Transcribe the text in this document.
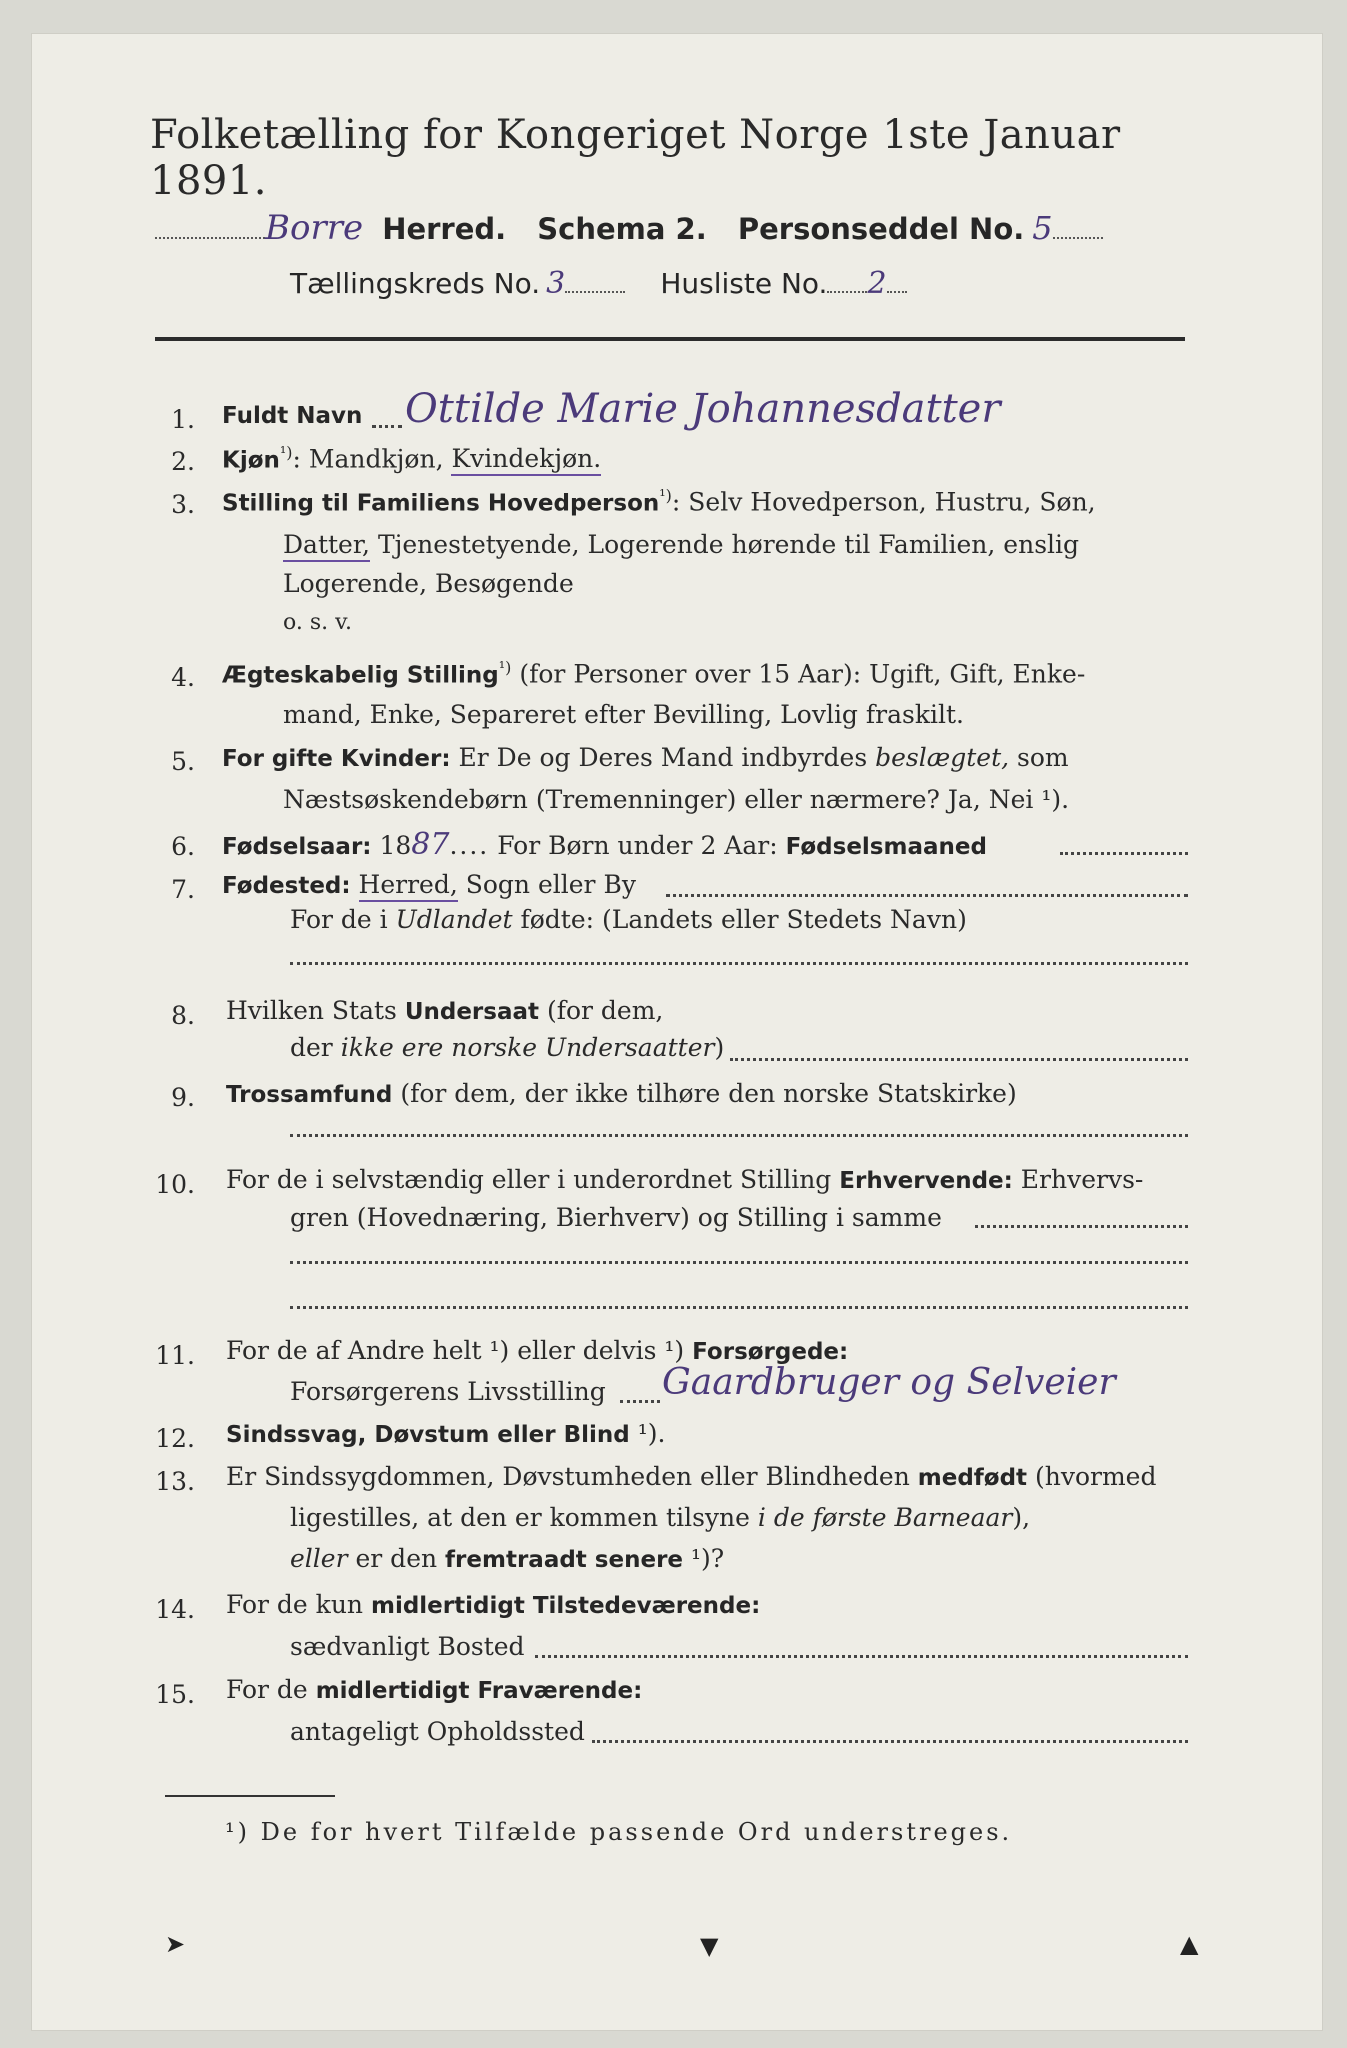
Folketælling for Kongeriget Norge 1ste Januar 1891.
Borre Herred. Schema 2. Personseddel No. 5
Tællingskreds No. 3	Husliste No. 2
1. Fuldt Navn Ottilde Marie Johannesdatter
2. Kjøn$^{^1)}$: Mandkjøn, Kvindekjøn.
3. Stilling til Familiens Hovedperson$^{^1)}$: Selv Hovedperson, Hustru, Søn,
Datter, Tjenestetyende, Logerende hørende til Familien, enslig
Logerende, Besøgende
o. s. v.
4. Ægteskabelig Stilling$^{^1)}$ (for Personer over 15 Aar): Ugift, Gift, Enke-
mand, Enke, Separeret efter Bevilling, Lovlig fraskilt.
5. For gifte Kvinder: Er De og Deres Mand indbyrdes beslægtet, som
Næstsøskendebørn (Tremenninger) eller nærmere? Ja, Nei ¹).
6. Fødselsaar: 1887.... For Børn under 2 Aar: Fødselsmaaned
7. Fødested: Herred, Sogn eller By
For de i Udlandet fødte: (Landets eller Stedets Navn)
8. Hvilken Stats Undersaat (for dem,
der ikke ere norske Undersaatter)
9. Trossamfund (for dem, der ikke tilhøre den norske Statskirke)
10. For de i selvstændig eller i underordnet Stilling Erhvervende: Erhvervs-
gren (Hovednæring, Bierhverv) og Stilling i samme
11. For de af Andre helt ¹) eller delvis ¹) Forsørgede:
Forsørgerens Livsstilling Gaardbruger og Selveier
12. Sindssvag, Døvstum eller Blind ¹).
13. Er Sindssygdommen, Døvstumheden eller Blindheden medfødt (hvormed
ligestilles, at den er kommen tilsyne i de første Barneaar),
eller er den fremtraadt senere ¹)?
14. For de kun midlertidigt Tilstedeværende:
sædvanligt Bosted
15. For de midlertidigt Fraværende:
antageligt Opholdssted
¹) De for hvert Tilfælde passende Ord understreges.
➤	▼	▲
